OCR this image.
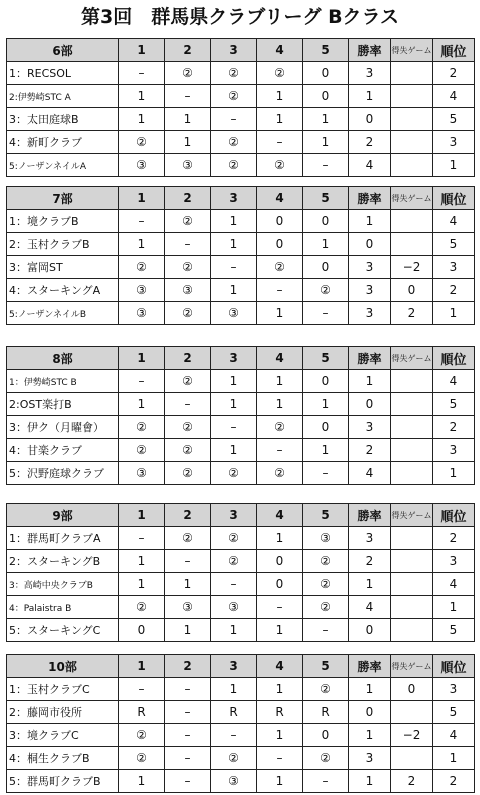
第3回　群馬県クラブリーグ Bクラス
6部	1	2	3	4	5	勝率	得失ゲーム	順位
1：RECSOL	–	②	②	②	0	3		2
2:伊勢崎STC A	1	–	②	1	0	1		4
3：太田庭球B	1	1	–	1	1	0		5
4：新町クラブ	②	1	②	–	1	2		3
5:ノーザンネイルA	③	③	②	②	–	4		1
7部	1	2	3	4	5	勝率	得失ゲーム	順位
1：境クラブB	–	②	1	0	0	1		4
2：玉村クラブB	1	–	1	0	1	0		5
3：富岡ST	②	②	–	②	0	3	−2	3
4：スターキングA	③	③	1	–	②	3	0	2
5:ノーザンネイルB	③	②	③	1	–	3	2	1
8部	1	2	3	4	5	勝率	得失ゲーム	順位
1：伊勢崎STC B	–	②	1	1	0	1		4
2:OST楽打B	1	–	1	1	1	0		5
3：伊ク（月曜會）	②	②	–	②	0	3		2
4：甘楽クラブ	②	②	1	–	1	2		3
5：沢野庭球クラブ	③	②	②	②	–	4		1
9部	1	2	3	4	5	勝率	得失ゲーム	順位
1：群馬町クラブA	–	②	②	1	③	3		2
2：スターキングB	1	–	②	0	②	2		3
3：高崎中央クラブB	1	1	–	0	②	1		4
4：Palaistra B	②	③	③	–	②	4		1
5：スターキングC	0	1	1	1	–	0		5
10部	1	2	3	4	5	勝率	得失ゲーム	順位
1：玉村クラブC	–	–	1	1	②	1	0	3
2：藤岡市役所	R	–	R	R	R	0		5
3：境クラブC	②	–	–	1	0	1	−2	4
4：桐生クラブB	②	–	②	–	②	3		1
5：群馬町クラブB	1	–	③	1	–	1	2	2
